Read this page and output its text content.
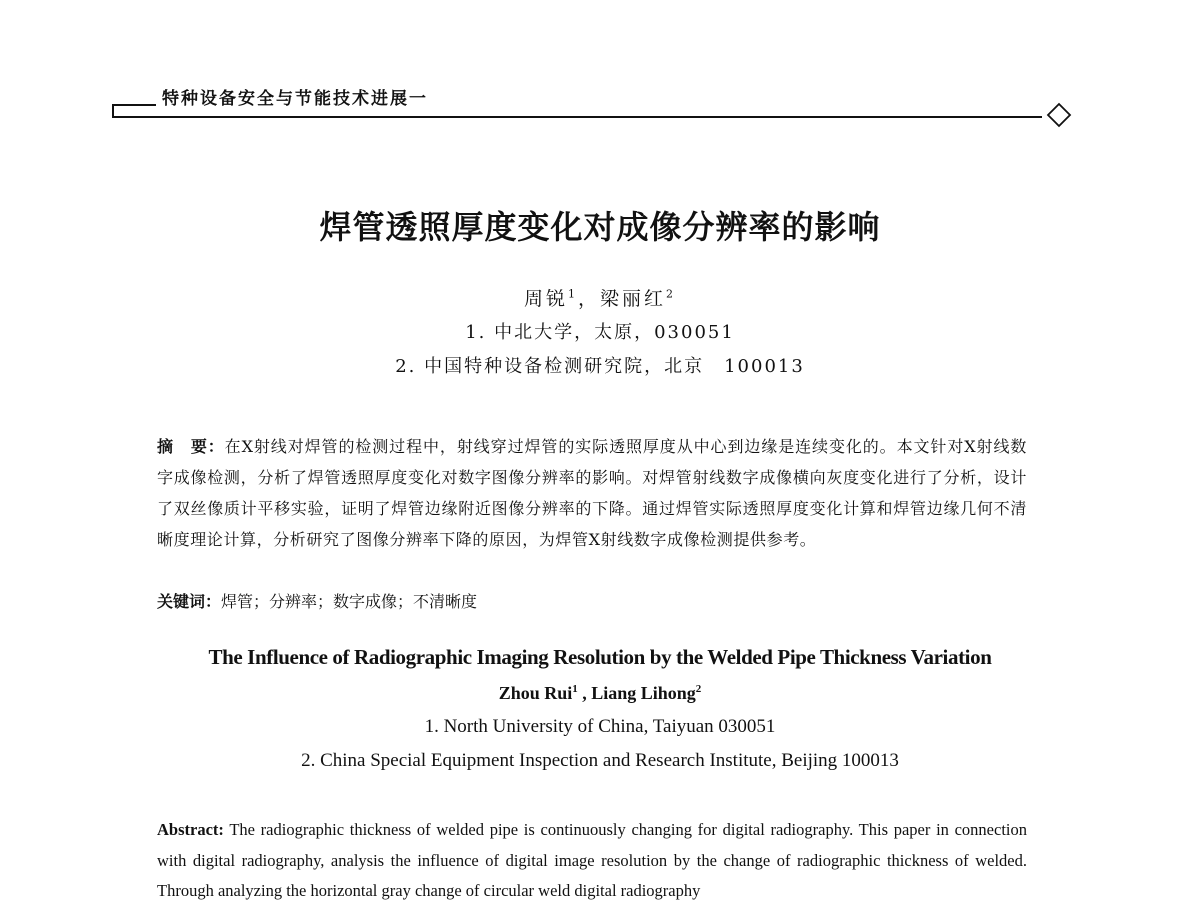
特种设备安全与节能技术进展一
焊管透照厚度变化对成像分辨率的影响
周锐$^1$，梁丽红$^2$
1. 中北大学，太原，030051
2. 中国特种设备检测研究院，北京　100013
摘　要：在X射线对焊管的检测过程中，射线穿过焊管的实际透照厚度从中心到边缘是连续变化的。本文针对X射线数字成像检测，分析了焊管透照厚度变化对数字图像分辨率的影响。对焊管射线数字成像横向灰度变化进行了分析，设计了双丝像质计平移实验，证明了焊管边缘附近图像分辨率的下降。通过焊管实际透照厚度变化计算和焊管边缘几何不清晰度理论计算，分析研究了图像分辨率下降的原因，为焊管X射线数字成像检测提供参考。
关键词：焊管；分辨率；数字成像；不清晰度
The Influence of Radiographic Imaging Resolution by the Welded Pipe Thickness Variation
Zhou Rui$^1$ , Liang Lihong$^2$
1. North University of China, Taiyuan 030051
2. China Special Equipment Inspection and Research Institute, Beijing 100013
Abstract: The radiographic thickness of welded pipe is continuously changing for digital radiography. This paper in connection with digital radiography, analysis the influence of digital image resolution by the change of radiographic thickness of welded. Through analyzing the horizontal gray change of circular weld digital radiography
